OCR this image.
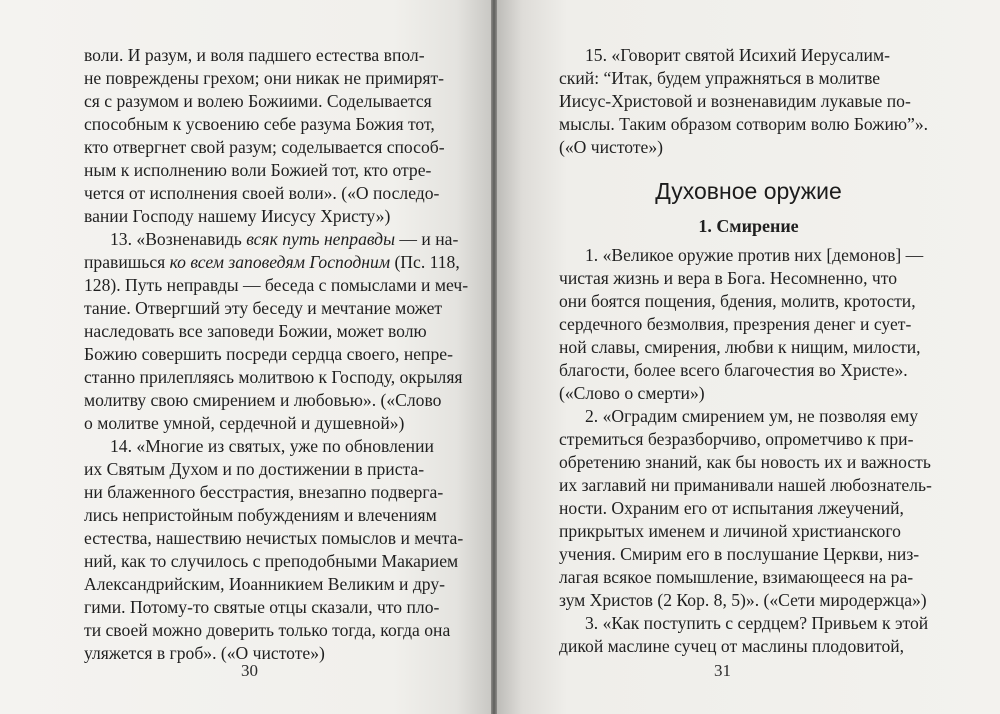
воли. И разум, и воля падшего естества впол-
не повреждены грехом; они никак не примирят-
ся с разумом и волею Божиими. Соделывается
способным к усвоению себе разума Божия тот,
кто отвергнет свой разум; соделывается способ-
ным к исполнению воли Божией тот, кто отре-
чется от исполнения своей воли». («О последо-
вании Господу нашему Иисусу Христу»)
13. «Возненавидь всяк путь неправды — и на-
правишься ко всем заповедям Господним (Пс. 118,
128). Путь неправды — беседа с помыслами и меч-
тание. Отвергший эту беседу и мечтание может
наследовать все заповеди Божии, может волю
Божию совершить посреди сердца своего, непре-
станно прилепляясь молитвою к Господу, окрыляя
молитву свою смирением и любовью». («Слово
о молитве умной, сердечной и душевной»)
14. «Многие из святых, уже по обновлении
их Святым Духом и по достижении в приста-
ни блаженного бесстрастия, внезапно подверга-
лись непристойным побуждениям и влечениям
естества, нашествию нечистых помыслов и мечта-
ний, как то случилось с преподобными Макарием
Александрийским, Иоанникием Великим и дру-
гими. Потому-то святые отцы сказали, что пло-
ти своей можно доверить только тогда, когда она
уляжется в гроб». («О чистоте»)
30
15. «Говорит святой Исихий Иерусалим-
ский: “Итак, будем упражняться в молитве
Иисус-Христовой и возненавидим лукавые по-
мыслы. Таким образом сотворим волю Божию”».
(«О чистоте»)
Духовное оружие
1. Смирение
1. «Великое оружие против них [демонов] —
чистая жизнь и вера в Бога. Несомненно, что
они боятся пощения, бдения, молитв, кротости,
сердечного безмолвия, презрения денег и сует-
ной славы, смирения, любви к нищим, милости,
благости, более всего благочестия во Христе».
(«Слово о смерти»)
2. «Оградим смирением ум, не позволяя ему
стремиться безразборчиво, опрометчиво к при-
обретению знаний, как бы новость их и важность
их заглавий ни приманивали нашей любознатель-
ности. Охраним его от испытания лжеучений,
прикрытых именем и личиной христианского
учения. Смирим его в послушание Церкви, низ-
лагая всякое помышление, взимающееся на ра-
зум Христов (2 Кор. 8, 5)». («Сети миродержца»)
3. «Как поступить с сердцем? Привьем к этой
дикой маслине сучец от маслины плодовитой,
31
